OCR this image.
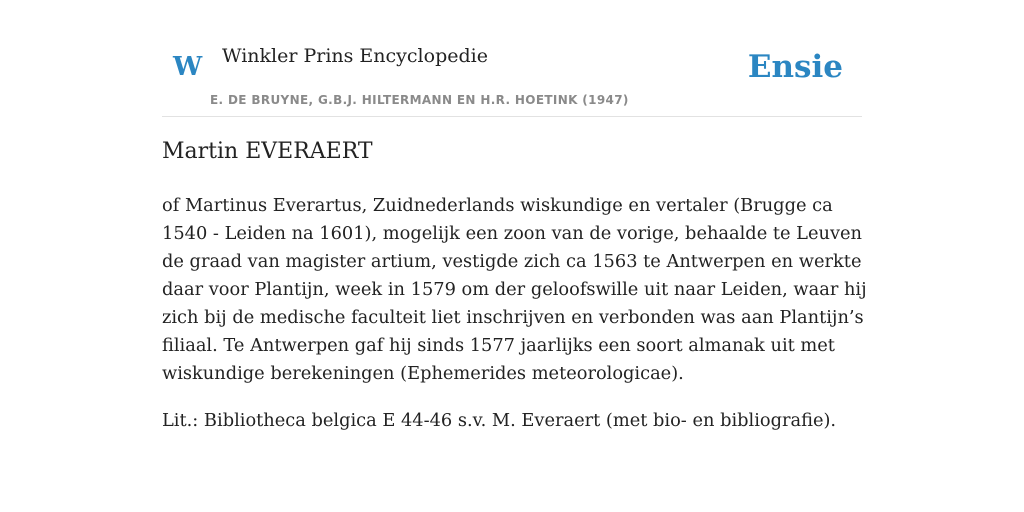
W Winkler Prins Encyclopedie
E. DE BRUYNE, G.B.J. HILTERMANN EN H.R. HOETINK (1947)
Ensie
Martin EVERAERT

of Martinus Everartus, Zuidnederlands wiskundige en vertaler (Brugge ca 1540 - Leiden na 1601), mogelijk een zoon van de vorige, behaalde te Leuven de graad van magister artium, vestigde zich ca 1563 te Antwerpen en werkte daar voor Plantijn, week in 1579 om der geloofswille uit naar Leiden, waar hij zich bij de medische faculteit liet inschrijven en verbonden was aan Plantijn’s filiaal. Te Antwerpen gaf hij sinds 1577 jaarlijks een soort almanak uit met wiskundige berekeningen (Ephemerides meteorologicae).

Lit.: Bibliotheca belgica E 44-46 s.v. M. Everaert (met bio- en bibliografie).
